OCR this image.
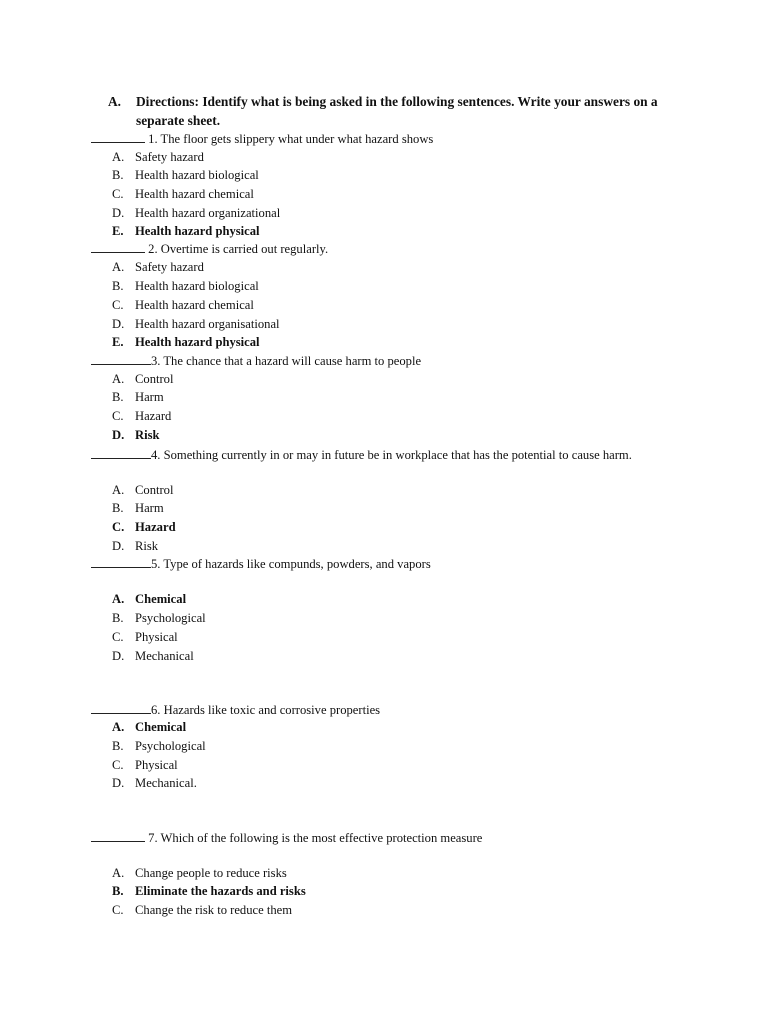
A. Directions: Identify what is being asked in the following sentences. Write your answers on a separate sheet.
1. The floor gets slippery what under what hazard shows
A. Safety hazard
B. Health hazard biological
C. Health hazard chemical
D. Health hazard organizational
E. Health hazard physical
2. Overtime is carried out regularly.
A. Safety hazard
B. Health hazard biological
C. Health hazard chemical
D. Health hazard organisational
E. Health hazard physical
3. The chance that a hazard will cause harm to people
A. Control
B. Harm
C. Hazard
D. Risk
4. Something currently in or may in future be in workplace that has the potential to cause harm.
A. Control
B. Harm
C. Hazard
D. Risk
5. Type of hazards like compunds, powders, and vapors
A. Chemical
B. Psychological
C. Physical
D. Mechanical
6. Hazards like toxic and corrosive properties
A. Chemical
B. Psychological
C. Physical
D. Mechanical.
7. Which of the following is the most effective protection measure
A. Change people to reduce risks
B. Eliminate the hazards and risks
C. Change the risk to reduce them
